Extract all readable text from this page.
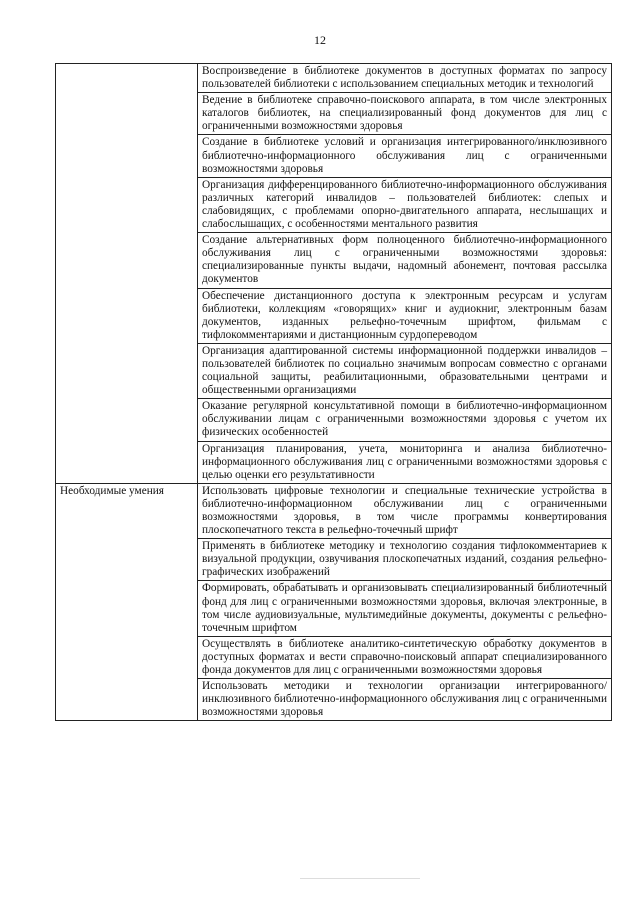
12
	Воспроизведение в библиотеке документов в доступных форматах по запросу пользователей библиотеки с использованием специальных методик и технологий
	Ведение в библиотеке справочно-поискового аппарата, в том числе электронных каталогов библиотек, на специализированный фонд документов для лиц с ограниченными возможностями здоровья
	Создание в библиотеке условий и организация интегрированного/инклюзивного библиотечно-информационного обслуживания лиц с ограниченными возможностями здоровья
	Организация дифференцированного библиотечно-информационного обслуживания различных категорий инвалидов – пользователей библиотек: слепых и слабовидящих, с проблемами опорно-двигательного аппарата, неслышащих и слабослышащих, с особенностями ментального развития
	Создание альтернативных форм полноценного библиотечно-информационного обслуживания лиц с ограниченными возможностями здоровья: специализированные пункты выдачи, надомный абонемент, почтовая рассылка документов
	Обеспечение дистанционного доступа к электронным ресурсам и услугам библиотеки, коллекциям «говорящих» книг и аудиокниг, электронным базам документов, изданных рельефно-точечным шрифтом, фильмам с тифлокомментариями и дистанционным сурдопереводом
	Организация адаптированной системы информационной поддержки инвалидов – пользователей библиотек по социально значимым вопросам совместно с органами социальной защиты, реабилитационными, образовательными центрами и общественными организациями
	Оказание регулярной консультативной помощи в библиотечно-информационном обслуживании лицам с ограниченными возможностями здоровья с учетом их физических особенностей
	Организация планирования, учета, мониторинга и анализа библиотечно-информационного обслуживания лиц с ограниченными возможностями здоровья с целью оценки его результативности
Необходимые умения	Использовать цифровые технологии и специальные технические устройства в библиотечно-информационном обслуживании лиц с ограниченными возможностями здоровья, в том числе программы конвертирования плоскопечатного текста в рельефно-точечный шрифт
	Применять в библиотеке методику и технологию создания тифлокомментариев к визуальной продукции, озвучивания плоскопечатных изданий, создания рельефно-графических изображений
	Формировать, обрабатывать и организовывать специализированный библиотечный фонд для лиц с ограниченными возможностями здоровья, включая электронные, в том числе аудиовизуальные, мультимедийные документы, документы с рельефно-точечным шрифтом
	Осуществлять в библиотеке аналитико-синтетическую обработку документов в доступных форматах и вести справочно-поисковый аппарат специализированного фонда документов для лиц с ограниченными возможностями здоровья
	Использовать методики и технологии организации интегрированного/инклюзивного библиотечно-информационного обслуживания лиц с ограниченными возможностями здоровья
